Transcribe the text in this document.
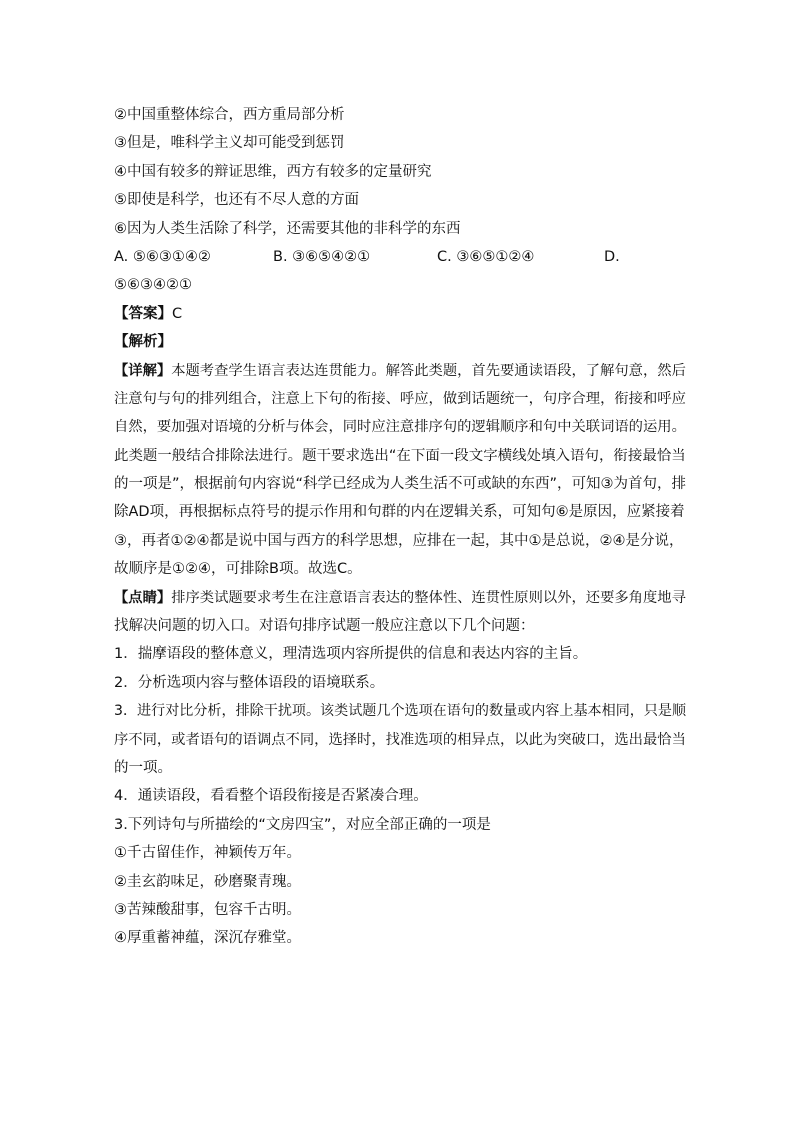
②中国重整体综合，西方重局部分析
③但是，唯科学主义却可能受到惩罚
④中国有较多的辩证思维，西方有较多的定量研究
⑤即使是科学，也还有不尽人意的方面
⑥因为人类生活除了科学，还需要其他的非科学的东西
A. ⑤⑥③①④②	B. ③⑥⑤④②①	C. ③⑥⑤①②④	D.
⑤⑥③④②①
【答案】C
【解析】
【详解】本题考查学生语言表达连贯能力。解答此类题，首先要通读语段，了解句意，然后
注意句与句的排列组合，注意上下句的衔接、呼应，做到话题统一，句序合理，衔接和呼应
自然，要加强对语境的分析与体会，同时应注意排序句的逻辑顺序和句中关联词语的运用。
此类题一般结合排除法进行。题干要求选出“在下面一段文字横线处填入语句，衔接最恰当
的一项是”，根据前句内容说“科学已经成为人类生活不可或缺的东西”，可知③为首句，排
除AD项，再根据标点符号的提示作用和句群的内在逻辑关系，可知句⑥是原因，应紧接着
③，再者①②④都是说中国与西方的科学思想，应排在一起，其中①是总说，②④是分说，
故顺序是①②④，可排除B项。故选C。
【点睛】排序类试题要求考生在注意语言表达的整体性、连贯性原则以外，还要多角度地寻
找解决问题的切入口。对语句排序试题一般应注意以下几个问题：
1．揣摩语段的整体意义，理清选项内容所提供的信息和表达内容的主旨。
2．分析选项内容与整体语段的语境联系。
3．进行对比分析，排除干扰项。该类试题几个选项在语句的数量或内容上基本相同，只是顺
序不同，或者语句的语调点不同，选择时，找准选项的相异点，以此为突破口，选出最恰当
的一项。
4．通读语段，看看整个语段衔接是否紧凑合理。
3.下列诗句与所描绘的“文房四宝”，对应全部正确的一项是
①千古留佳作，神颖传万年。
②圭玄韵味足，砂磨聚青瑰。
③苦辣酸甜事，包容千古明。
④厚重蓄神蕴，深沉存雅堂。
